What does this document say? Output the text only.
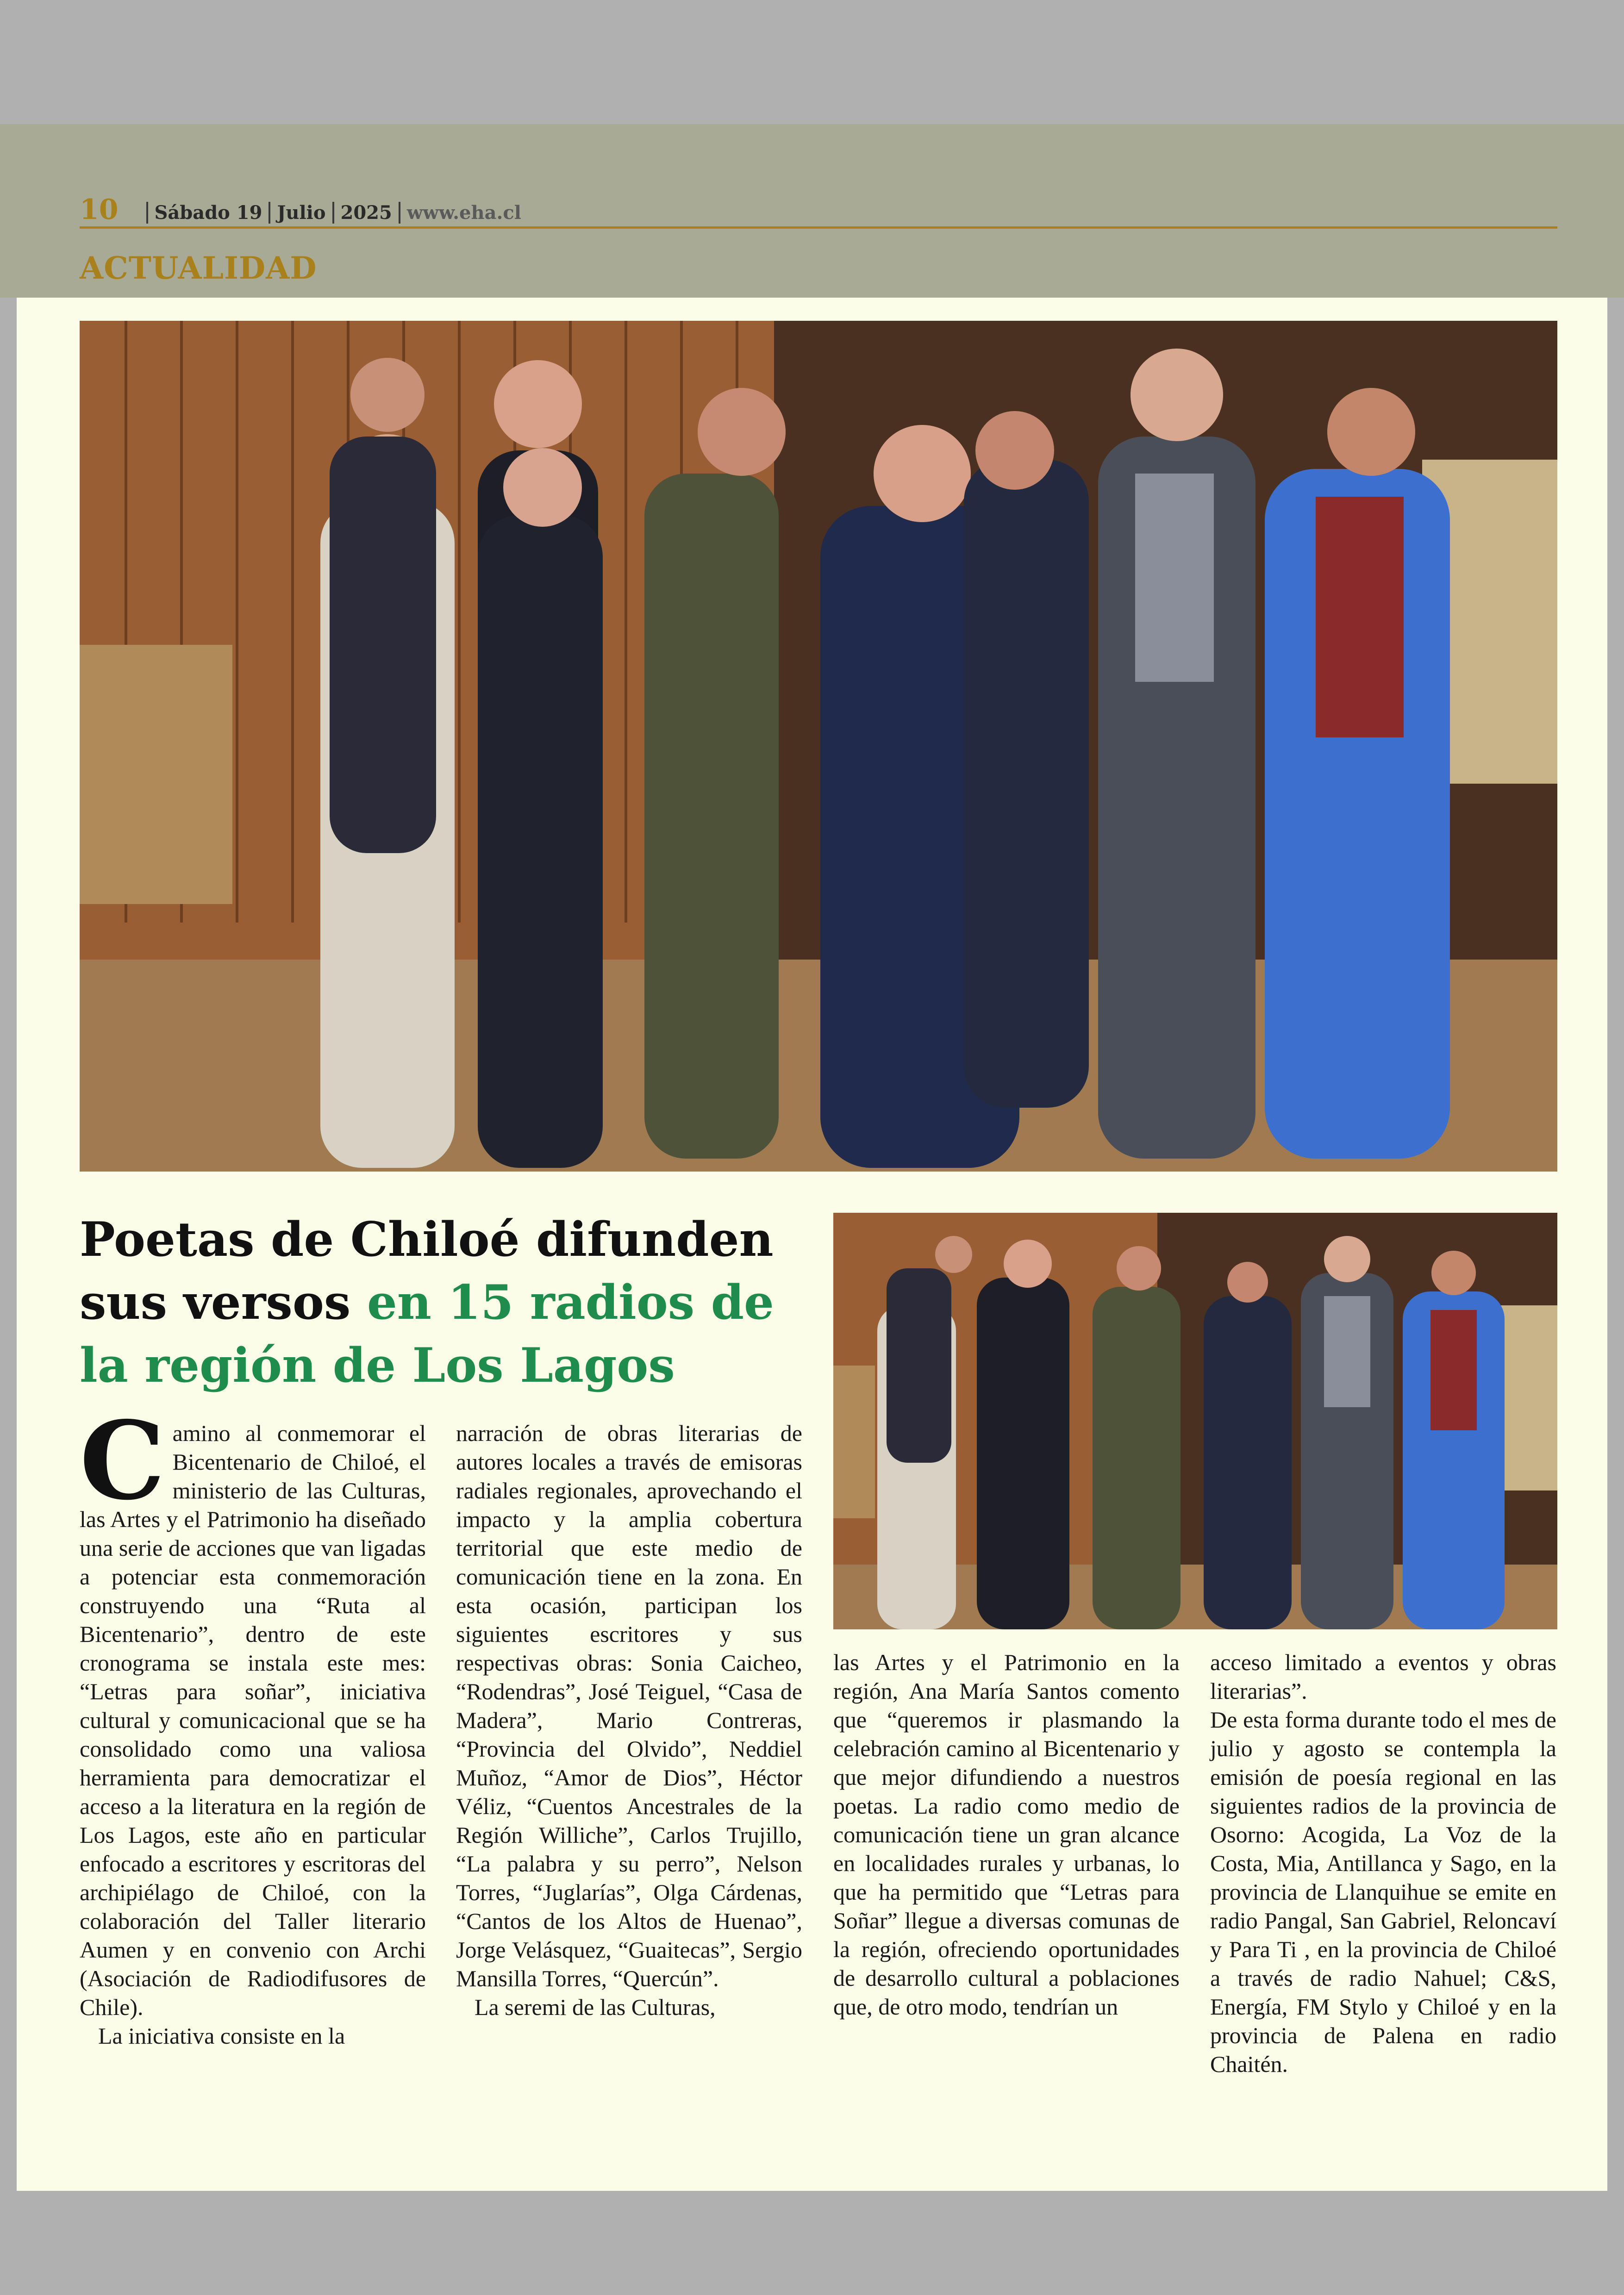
10	Sábado 19 Julio 2025 www.eha.cl
ACTUALIDAD
Poetas de Chiloé difunden sus versos en 15 radios de la región de Los Lagos
C amino al conmemorar el Bicentenario de Chiloé, el ministerio de las Culturas, las Artes y el Patrimonio ha diseñado una serie de acciones que van ligadas a potenciar esta conmemoración construyendo una “Ruta al Bicentenario”, dentro de este cronograma se instala este mes: “Letras para soñar”, iniciativa cultural y comunicacional que se ha consolidado como una valiosa herramienta para democratizar el acceso a la literatura en la región de Los Lagos, este año en particular enfocado a escritores y escritoras del archipiélago de Chiloé, con la colaboración del Taller literario Aumen y en convenio con Archi (Asociación de Radiodifusores de Chile).

La iniciativa consiste en la

narración de obras literarias de autores locales a través de emisoras radiales regionales, aprovechando el impacto y la amplia cobertura territorial que este medio de comunicación tiene en la zona. En esta ocasión, participan los siguientes escritores y sus respectivas obras: Sonia Caicheo, “Rodendras”, José Teiguel, “Casa de Madera”, Mario Contreras, “Provincia del Olvido”, Neddiel Muñoz, “Amor de Dios”, Héctor Véliz, “Cuentos Ancestrales de la Región Williche”, Carlos Trujillo, “La palabra y su perro”, Nelson Torres, “Juglarías”, Olga Cárdenas, “Cantos de los Altos de Huenao”, Jorge Velásquez, “Guaitecas”, Sergio Mansilla Torres, “Quercún”.

La seremi de las Culturas,

las Artes y el Patrimonio en la región, Ana María Santos comento que “queremos ir plasmando la celebración camino al Bicentenario y que mejor difundiendo a nuestros poetas. La radio como medio de comunicación tiene un gran alcance en localidades rurales y urbanas, lo que ha permitido que “Letras para Soñar” llegue a diversas comunas de la región, ofreciendo oportunidades de desarrollo cultural a poblaciones que, de otro modo, tendrían un

acceso limitado a eventos y obras literarias”.

De esta forma durante todo el mes de julio y agosto se contempla la emisión de poesía regional en las siguientes radios de la provincia de Osorno: Acogida, La Voz de la Costa, Mia, Antillanca y Sago, en la provincia de Llanquihue se emite en radio Pangal, San Gabriel, Reloncaví y Para Ti , en la provincia de Chiloé a través de radio Nahuel; C&S, Energía, FM Stylo y Chiloé y en la provincia de Palena en radio Chaitén.
